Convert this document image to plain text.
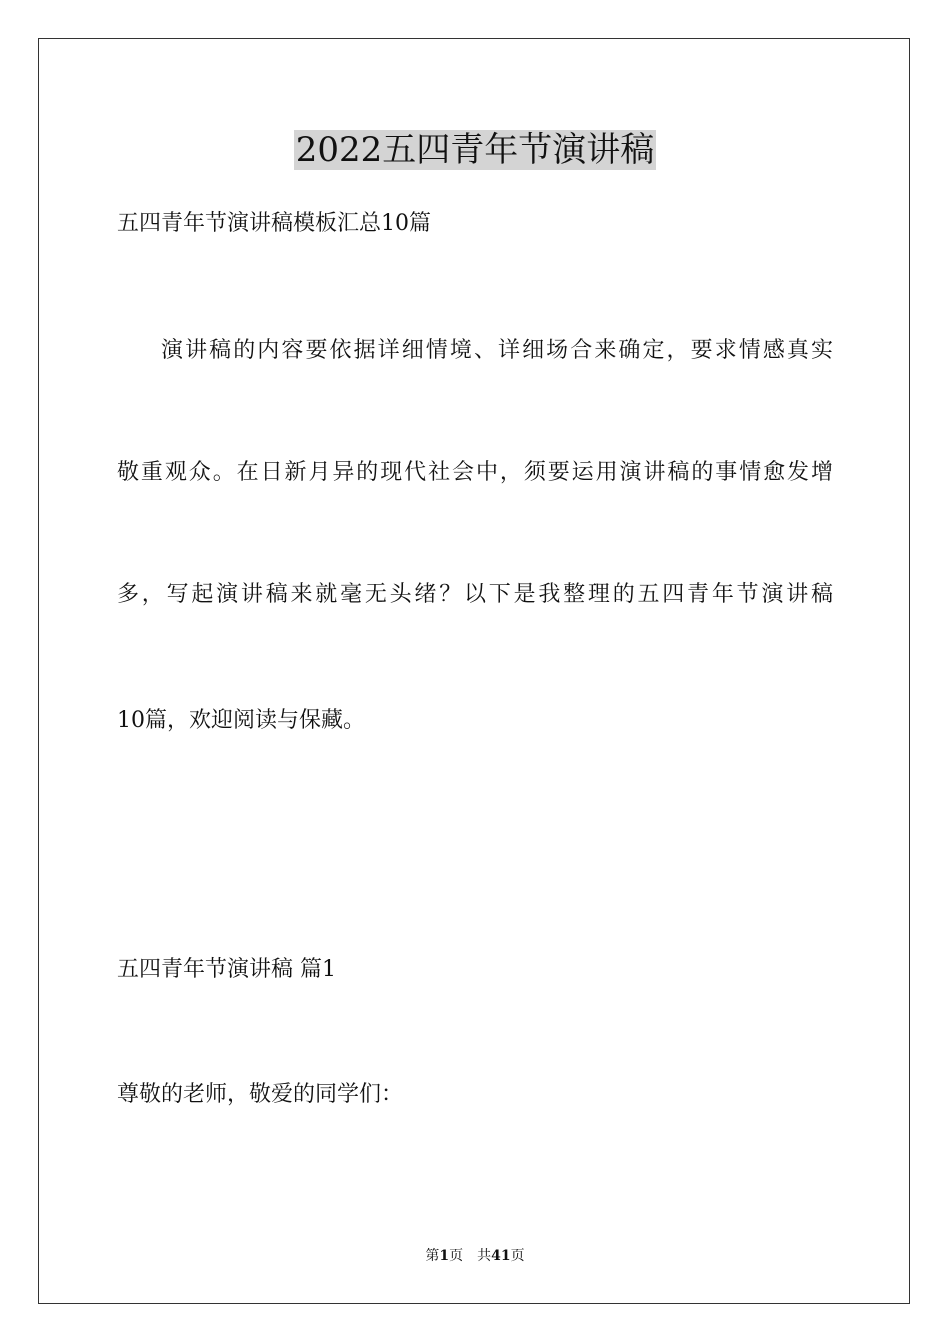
2022五四青年节演讲稿
五四青年节演讲稿模板汇总10篇
演讲稿的内容要依据详细情境、详细场合来确定，要求情感真实
敬重观众。在日新月异的现代社会中，须要运用演讲稿的事情愈发增
多，写起演讲稿来就毫无头绪？以下是我整理的五四青年节演讲稿
10篇，欢迎阅读与保藏。
五四青年节演讲稿 篇1
尊敬的老师，敬爱的同学们：
第1页 共41页
